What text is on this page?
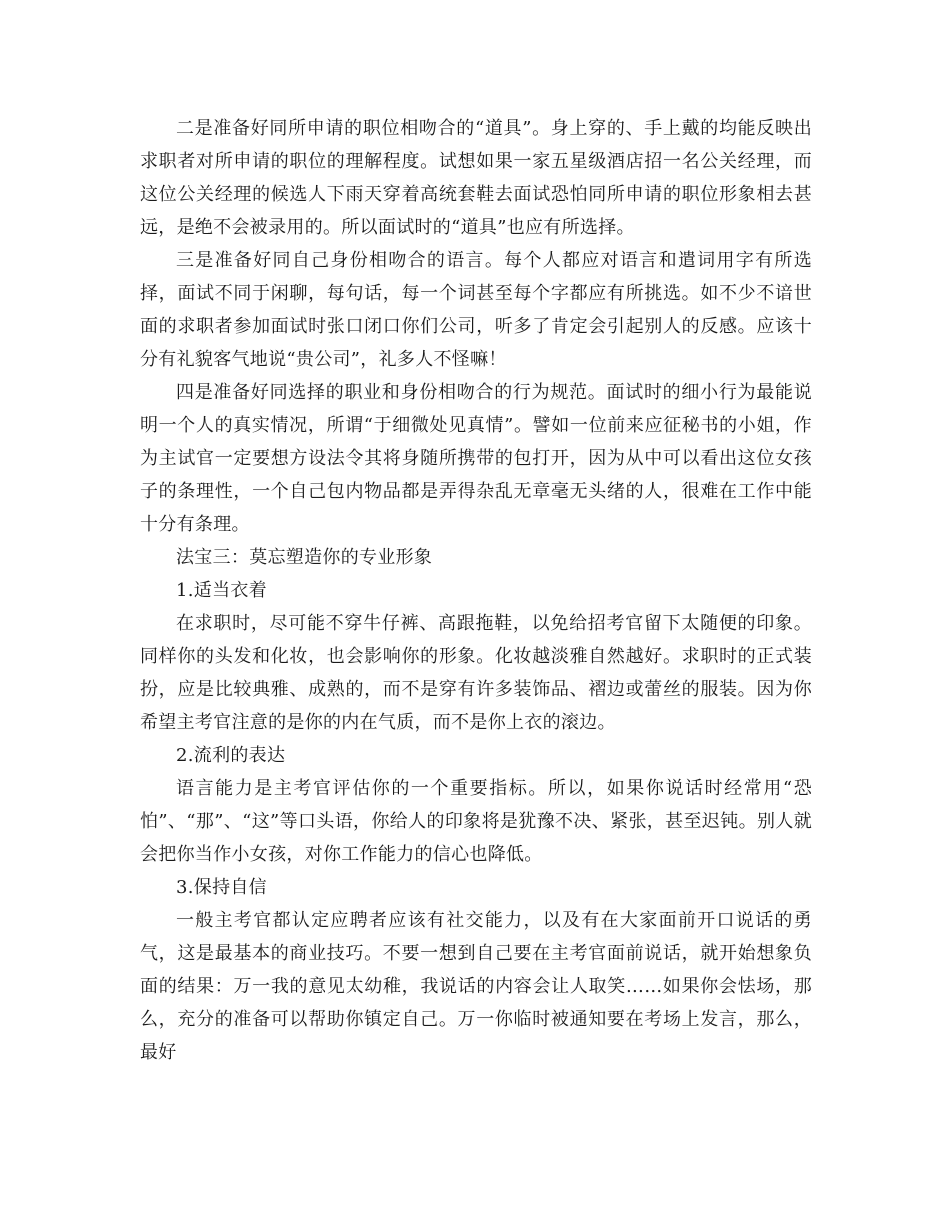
二是准备好同所申请的职位相吻合的“道具”。身上穿的、手上戴的均能反映出求职者对所申请的职位的理解程度。试想如果一家五星级酒店招一名公关经理，而这位公关经理的候选人下雨天穿着高统套鞋去面试恐怕同所申请的职位形象相去甚远，是绝不会被录用的。所以面试时的“道具”也应有所选择。

三是准备好同自己身份相吻合的语言。每个人都应对语言和遣词用字有所选择，面试不同于闲聊，每句话，每一个词甚至每个字都应有所挑选。如不少不谙世面的求职者参加面试时张口闭口你们公司，听多了肯定会引起别人的反感。应该十分有礼貌客气地说“贵公司”，礼多人不怪嘛！

四是准备好同选择的职业和身份相吻合的行为规范。面试时的细小行为最能说明一个人的真实情况，所谓“于细微处见真情”。譬如一位前来应征秘书的小姐，作为主试官一定要想方设法令其将身随所携带的包打开，因为从中可以看出这位女孩子的条理性，一个自己包内物品都是弄得杂乱无章毫无头绪的人，很难在工作中能十分有条理。

法宝三：莫忘塑造你的专业形象

1.适当衣着

在求职时，尽可能不穿牛仔裤、高跟拖鞋，以免给招考官留下太随便的印象。同样你的头发和化妆，也会影响你的形象。化妆越淡雅自然越好。求职时的正式装扮，应是比较典雅、成熟的，而不是穿有许多装饰品、褶边或蕾丝的服装。因为你希望主考官注意的是你的内在气质，而不是你上衣的滚边。

2.流利的表达

语言能力是主考官评估你的一个重要指标。所以，如果你说话时经常用“恐怕”、“那”、“这”等口头语，你给人的印象将是犹豫不决、紧张，甚至迟钝。别人就会把你当作小女孩，对你工作能力的信心也降低。

3.保持自信

一般主考官都认定应聘者应该有社交能力，以及有在大家面前开口说话的勇气，这是最基本的商业技巧。不要一想到自己要在主考官面前说话，就开始想象负面的结果：万一我的意见太幼稚，我说话的内容会让人取笑……如果你会怯场，那么，充分的准备可以帮助你镇定自己。万一你临时被通知要在考场上发言，那么，最好
